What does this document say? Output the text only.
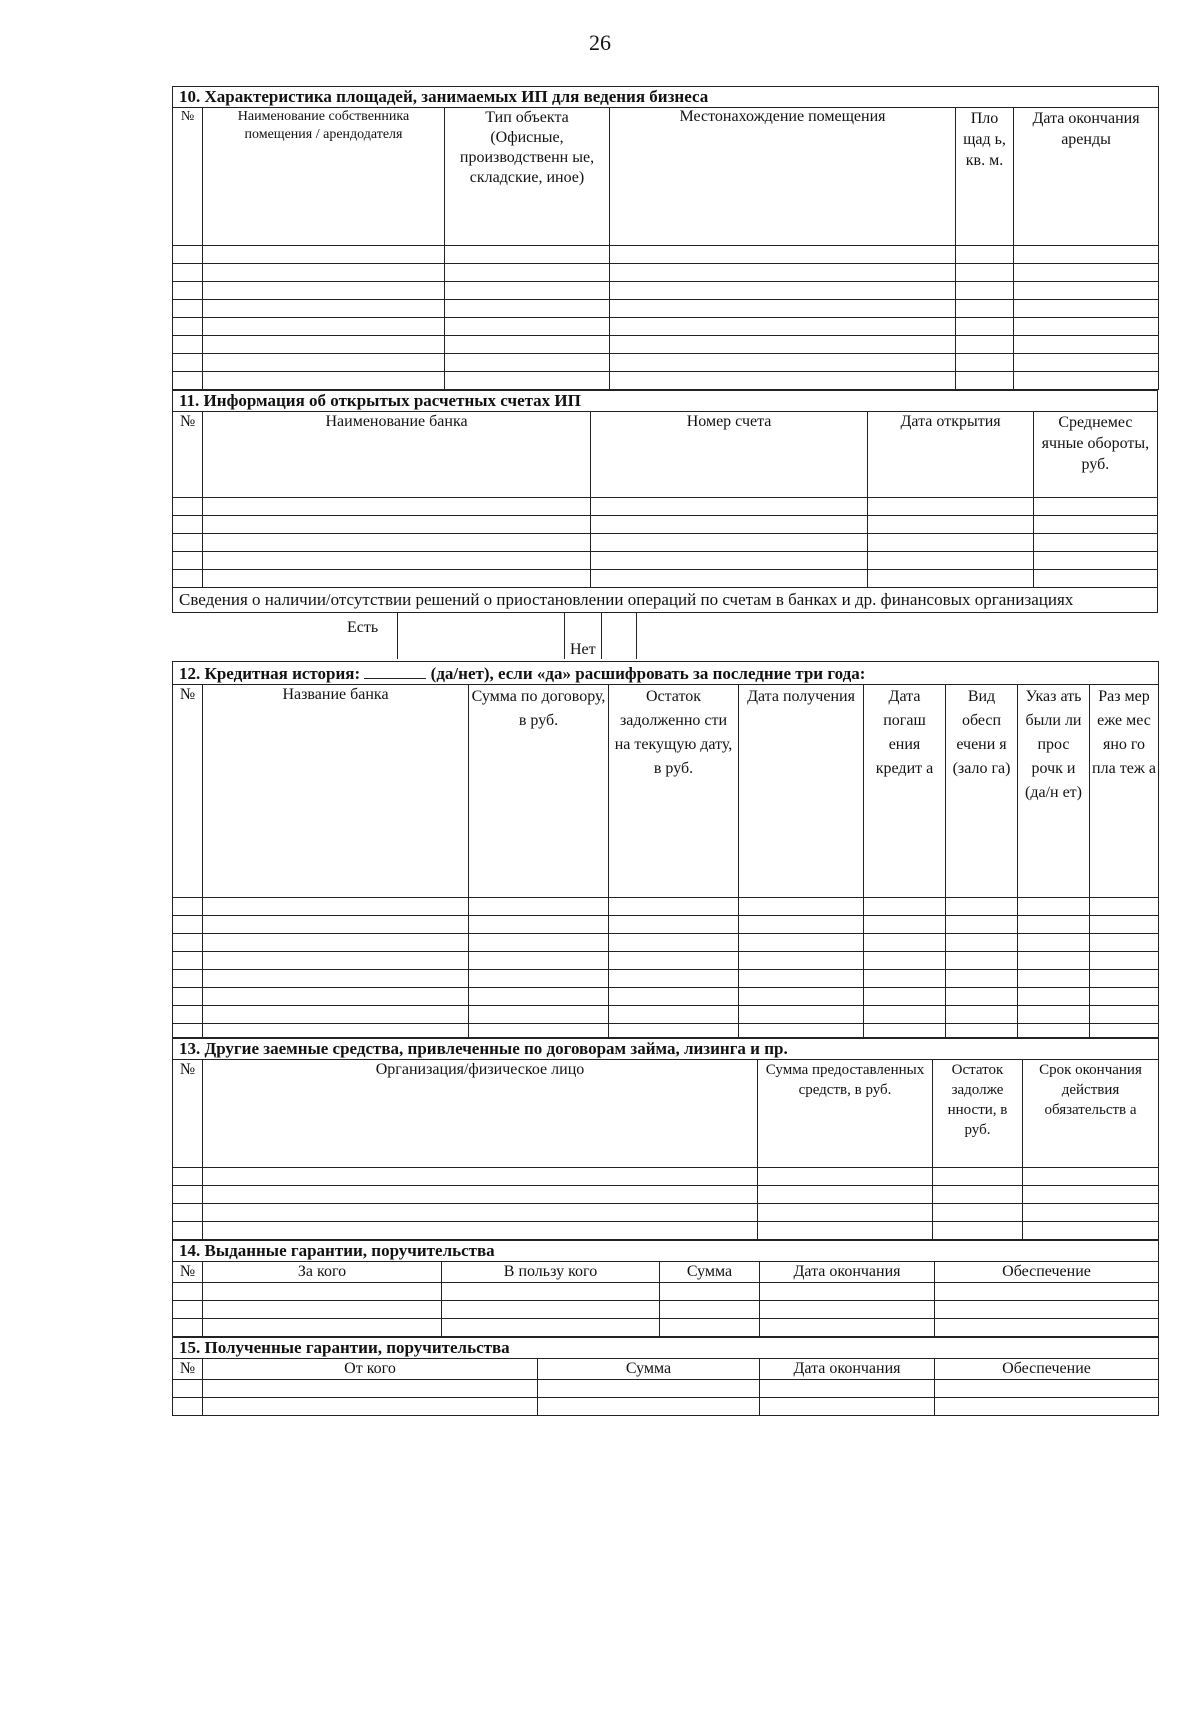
26
10. Характеристика площадей, занимаемых ИП для ведения бизнеса					
№	Наименование собственника помещения / арендодателя	Тип объекта (Офисные, производственн ые, складские, иное)	Местонахождение помещения	Пло щад ь, кв. м.	Дата окончания аренды

11. Информация об открытых расчетных счетах ИП				
№	Наименование банка	Номер счета	Дата открытия	Среднемес ячные обороты, руб.

Сведения о наличии/отсутствии решений о приостановлении операций по счетам в банках и др. финансовых организациях
Есть
Нет
12. Кредитная история: (да/нет), если «да» расшифровать за последние три года:								
№	Название банка	Сумма по договору, в руб.	Остаток задолженно сти на текущую дату, в руб.	Дата получения	Дата погаш ения кредит а	Вид обесп ечени я (зало га)	Указ ать были ли прос рочк и (да/н ет)	Раз мер еже мес яно го пла теж а

13. Другие заемные средства, привлеченные по договорам займа, лизинга и пр.				
№	Организация/физическое лицо	Сумма предоставленных средств, в руб.	Остаток задолже нности, в руб.	Срок окончания действия обязательств а

14. Выданные гарантии, поручительства					
№	За кого	В пользу кого	Сумма	Дата окончания	Обеспечение

15. Полученные гарантии, поручительства				
№	От кого	Сумма	Дата окончания	Обеспечение
